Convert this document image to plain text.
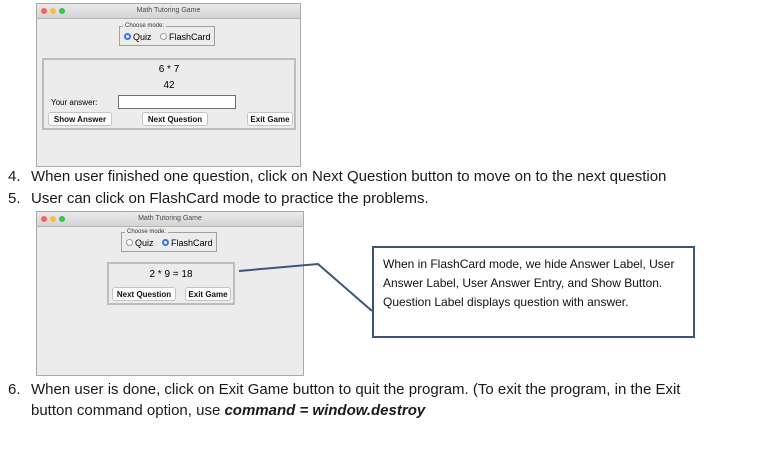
Math Tutoring Game
Choose mode:
Quiz FlashCard
6 * 7
42
Your answer:
Show Answer	Next Question	Exit Game
4. When user finished one question, click on Next Question button to move on to the next question
5. User can click on FlashCard mode to practice the problems.
Math Tutoring Game
Choose mode:
Quiz FlashCard
2 * 9 = 18
Next Question	Exit Game
When in FlashCard mode, we hide Answer Label, User Answer Label, User Answer Entry, and Show Button. Question Label displays question with answer.
6. When user is done, click on Exit Game button to quit the program. (To exit the program, in the Exit
button command option, use command = window.destroy
